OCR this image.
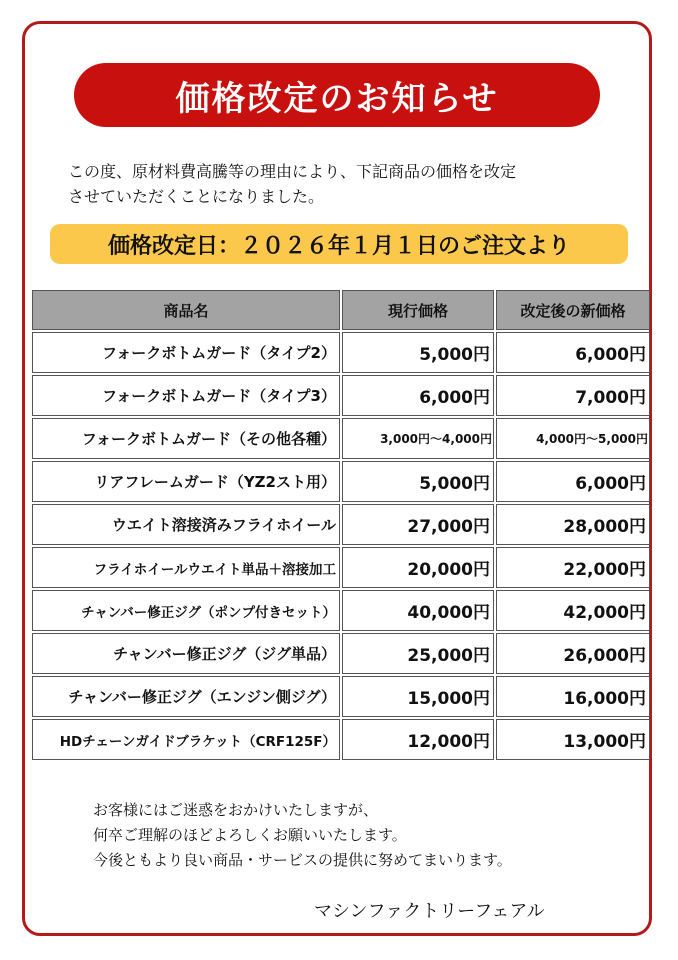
価格改定のお知らせ
この度、原材料費高騰等の理由により、下記商品の価格を改定
させていただくことになりました。
価格改定日：２０２６年１月１日のご注文より
商品名	現行価格	改定後の新価格
フォークボトムガード（タイプ2）	5,000円	6,000円
フォークボトムガード（タイプ3）	6,000円	7,000円
フォークボトムガード（その他各種）	3,000円～4,000円	4,000円～5,000円
リアフレームガード（YZ2スト用）	5,000円	6,000円
ウエイト溶接済みフライホイール	27,000円	28,000円
フライホイールウエイト単品＋溶接加工	20,000円	22,000円
チャンバー修正ジグ（ポンプ付きセット）	40,000円	42,000円
チャンバー修正ジグ（ジグ単品）	25,000円	26,000円
チャンバー修正ジグ（エンジン側ジグ）	15,000円	16,000円
HDチェーンガイドブラケット（CRF125F）	12,000円	13,000円
お客様にはご迷惑をおかけいたしますが、
何卒ご理解のほどよろしくお願いいたします。
今後ともより良い商品・サービスの提供に努めてまいります。
マシンファクトリーフェアル
